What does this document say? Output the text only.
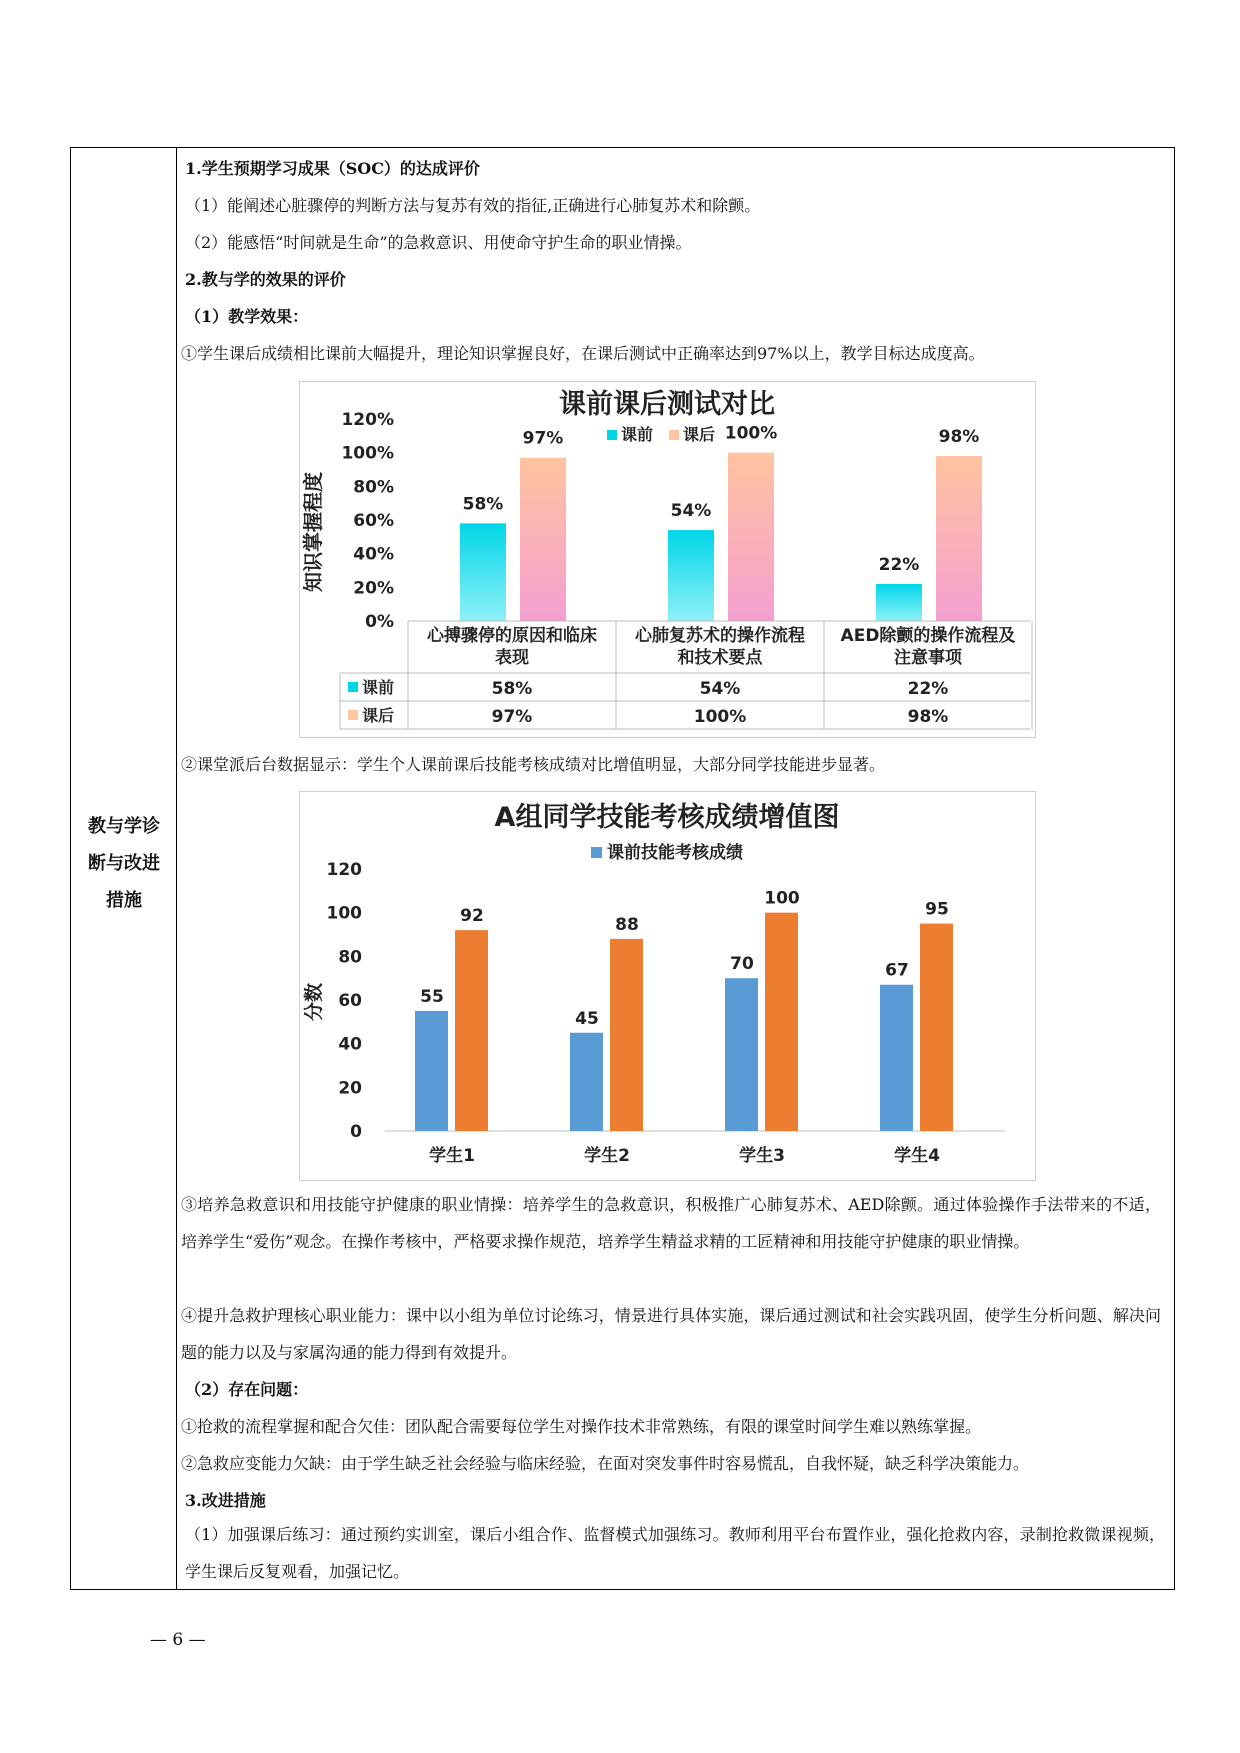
教与学诊
断与改进
措施
1.学生预期学习成果（SOC）的达成评价
（1）能阐述心脏骤停的判断方法与复苏有效的指征,正确进行心肺复苏术和除颤。
（2）能感悟“时间就是生命”的急救意识、用使命守护生命的职业情操。
2.教与学的效果的评价
（1）教学效果：
①学生课后成绩相比课前大幅提升，理论知识掌握良好，在课后测试中正确率达到97%以上，教学目标达成度高。
课前课后测试对比
知识掌握程度
0%
20%
40%
60%
80%
100%
120%
课前 课后
58%
97%
54%
100%
22%
98%
心搏骤停的原因和临床
表现
心肺复苏术的操作流程
和技术要点
AED除颤的操作流程及
注意事项
课前	58%	54%	22%
课后	97%	100%	98%
②课堂派后台数据显示：学生个人课前课后技能考核成绩对比增值明显，大部分同学技能进步显著。
A组同学技能考核成绩增值图
课前技能考核成绩
分数
0
20
40
60
80
100
120
55
92
学生1
45
88
学生2
70
100
学生3
67
95
学生4
③培养急救意识和用技能守护健康的职业情操：培养学生的急救意识，积极推广心肺复苏术、AED除颤。通过体验操作手法带来的不适，培养学生“爱伤”观念。在操作考核中，严格要求操作规范，培养学生精益求精的工匠精神和用技能守护健康的职业情操。
④提升急救护理核心职业能力：课中以小组为单位讨论练习，情景进行具体实施，课后通过测试和社会实践巩固，使学生分析问题、解决问题的能力以及与家属沟通的能力得到有效提升。
（2）存在问题：
①抢救的流程掌握和配合欠佳：团队配合需要每位学生对操作技术非常熟练，有限的课堂时间学生难以熟练掌握。
②急救应变能力欠缺：由于学生缺乏社会经验与临床经验，在面对突发事件时容易慌乱，自我怀疑，缺乏科学决策能力。
3.改进措施
（1）加强课后练习：通过预约实训室，课后小组合作、监督模式加强练习。教师利用平台布置作业，强化抢救内容，录制抢救微课视频，学生课后反复观看，加强记忆。
— 6 —
